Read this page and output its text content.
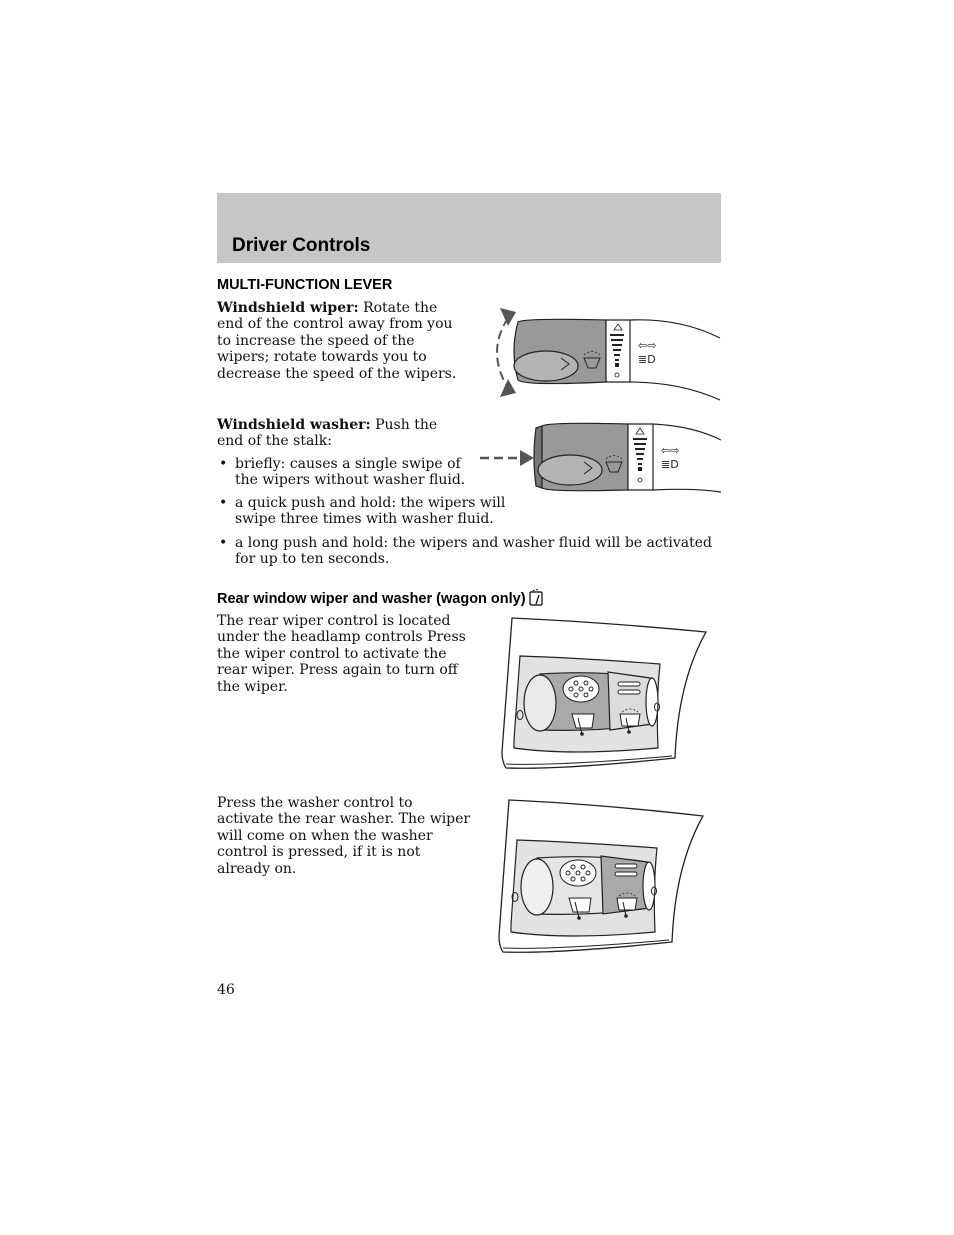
Driver Controls
MULTI-FUNCTION LEVER
Windshield wiper: Rotate the end of the control away from you to increase the speed of the wipers; rotate towards you to decrease the speed of the wipers.
Windshield washer: Push the end of the stalk:
• briefly: causes a single swipe of the wipers without washer fluid.
• a quick push and hold: the wipers will swipe three times with washer fluid.
• a long push and hold: the wipers and washer fluid will be activated for up to ten seconds.
⇦⇨
≣D
⇦⇨
≣D
Rear window wiper and washer (wagon only)
The rear wiper control is located under the headlamp controls Press the wiper control to activate the rear wiper. Press again to turn off the wiper.
Press the washer control to activate the rear washer. The wiper will come on when the washer control is pressed, if it is not already on.
46
